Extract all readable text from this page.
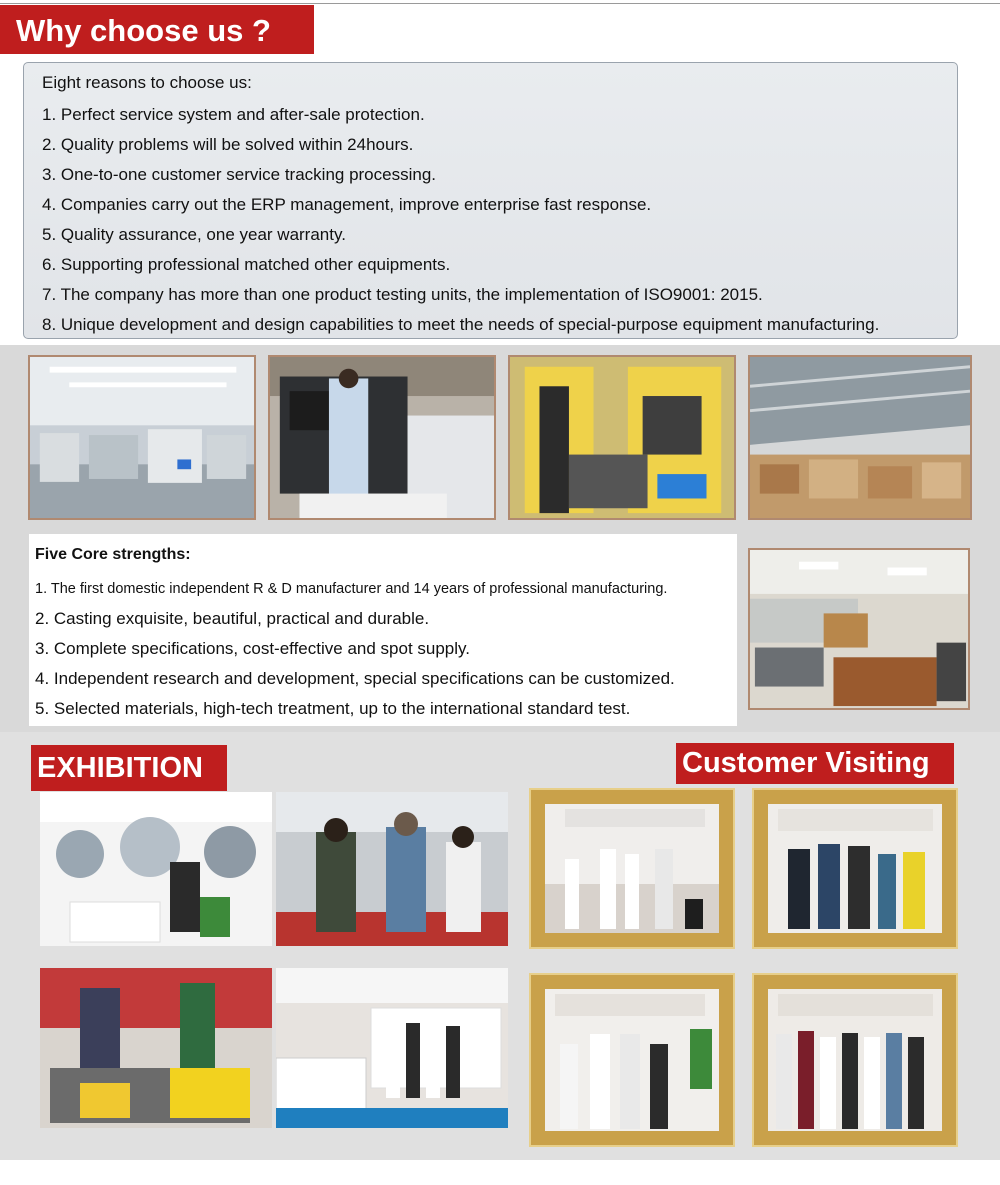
Why choose us ?
Eight reasons to choose us:
1. Perfect service system and after-sale protection.
2. Quality problems will be solved within 24hours.
3. One-to-one customer service tracking processing.
4. Companies carry out the ERP management, improve enterprise fast response.
5. Quality assurance, one year warranty.
6. Supporting professional matched other equipments.
7. The company has more than one product testing units, the implementation of ISO9001: 2015.
8. Unique development and design capabilities to meet the needs of special-purpose equipment manufacturing.
Five Core strengths:
1. The first domestic independent R & D manufacturer and 14 years of professional manufacturing.
2. Casting exquisite, beautiful, practical and durable.
3. Complete specifications, cost-effective and spot supply.
4. Independent research and development, special specifications can be customized.
5. Selected materials, high-tech treatment, up to the international standard test.
EXHIBITION	Customer Visiting
